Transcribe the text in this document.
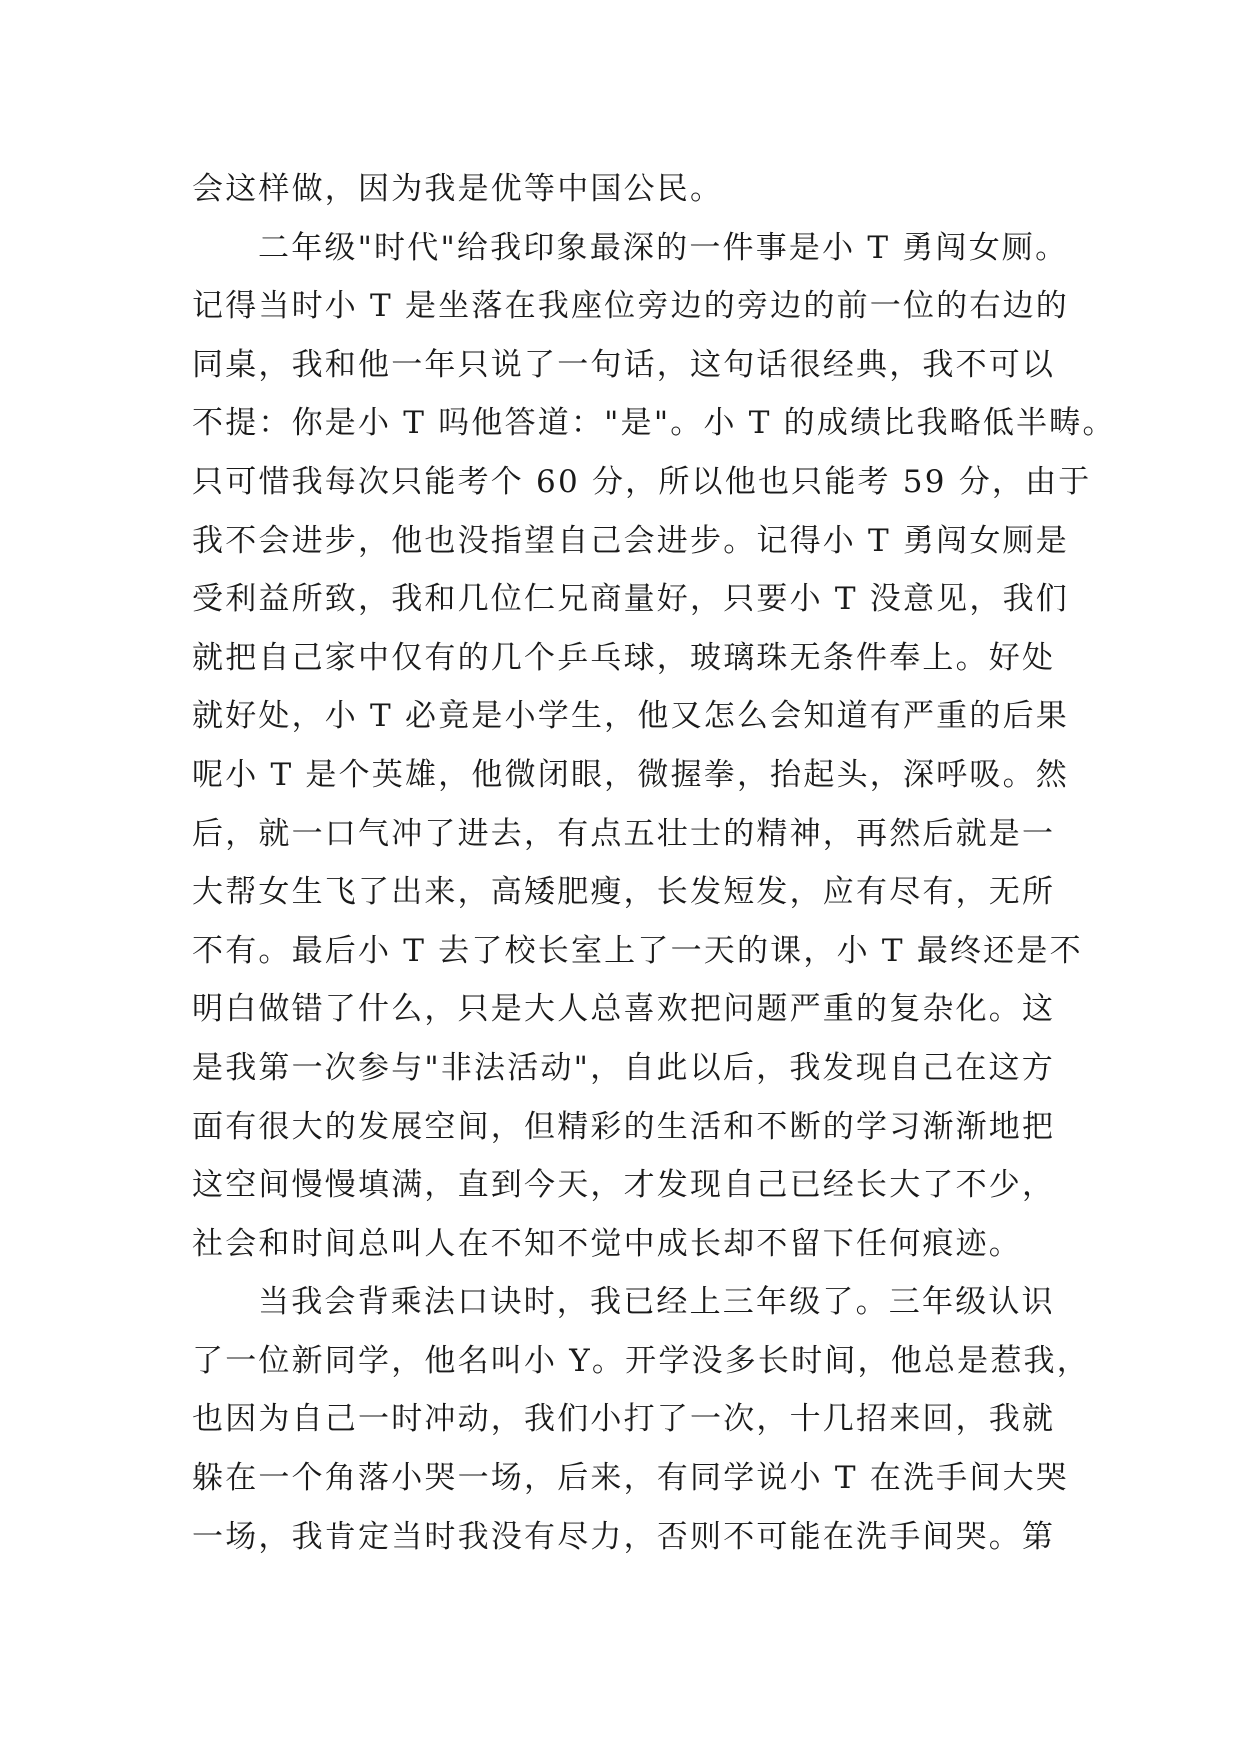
会这样做，因为我是优等中国公民。
二年级"时代"给我印象最深的一件事是小 T 勇闯女厕。
记得当时小 T 是坐落在我座位旁边的旁边的前一位的右边的
同桌，我和他一年只说了一句话，这句话很经典，我不可以
不提：你是小 T 吗他答道："是"。小 T 的成绩比我略低半畴。
只可惜我每次只能考个 60 分，所以他也只能考 59 分，由于
我不会进步，他也没指望自己会进步。记得小 T 勇闯女厕是
受利益所致，我和几位仁兄商量好，只要小 T 没意见，我们
就把自己家中仅有的几个乒乓球，玻璃珠无条件奉上。好处
就好处，小 T 必竟是小学生，他又怎么会知道有严重的后果
呢小 T 是个英雄，他微闭眼，微握拳，抬起头，深呼吸。然
后，就一口气冲了进去，有点五壮士的精神，再然后就是一
大帮女生飞了出来，高矮肥瘦，长发短发，应有尽有，无所
不有。最后小 T 去了校长室上了一天的课，小 T 最终还是不
明白做错了什么，只是大人总喜欢把问题严重的复杂化。这
是我第一次参与"非法活动"，自此以后，我发现自己在这方
面有很大的发展空间，但精彩的生活和不断的学习渐渐地把
这空间慢慢填满，直到今天，才发现自己已经长大了不少，
社会和时间总叫人在不知不觉中成长却不留下任何痕迹。
当我会背乘法口诀时，我已经上三年级了。三年级认识
了一位新同学，他名叫小 Y。开学没多长时间，他总是惹我，
也因为自己一时冲动，我们小打了一次，十几招来回，我就
躲在一个角落小哭一场，后来，有同学说小 T 在洗手间大哭
一场，我肯定当时我没有尽力，否则不可能在洗手间哭。第
